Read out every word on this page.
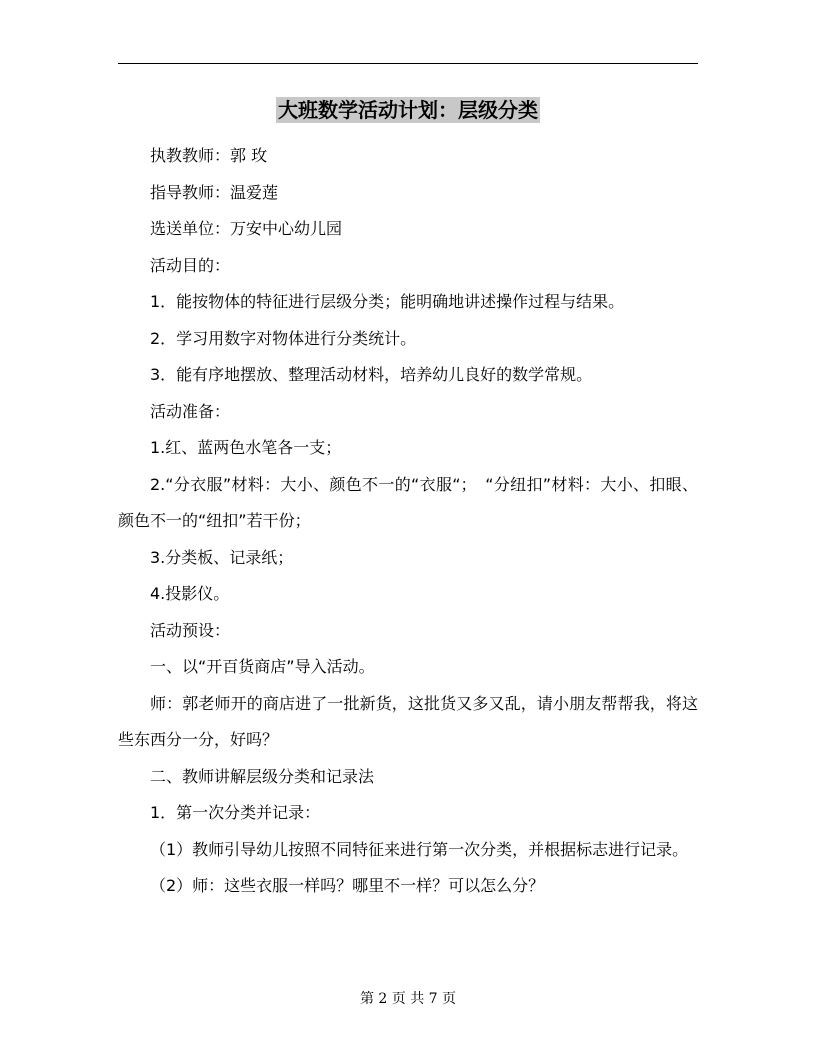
大班数学活动计划：层级分类

执教教师：郭 玫

指导教师：温爱莲

选送单位：万安中心幼儿园

活动目的：

1．能按物体的特征进行层级分类；能明确地讲述操作过程与结果。

2．学习用数字对物体进行分类统计。

3．能有序地摆放、整理活动材料，培养幼儿良好的数学常规。

活动准备：

1.红、蓝两色水笔各一支；

2.“分衣服”材料：大小、颜色不一的“衣服“；　“分纽扣”材料：大小、扣眼、颜色不一的“纽扣”若干份；

3.分类板、记录纸；

4.投影仪。

活动预设：

一、以“开百货商店”导入活动。

师：郭老师开的商店进了一批新货，这批货又多又乱，请小朋友帮帮我，将这些东西分一分，好吗？

二、教师讲解层级分类和记录法

1．第一次分类并记录：

（1）教师引导幼儿按照不同特征来进行第一次分类，并根据标志进行记录。

（2）师：这些衣服一样吗？哪里不一样？可以怎么分？

第 2 页 共 7 页
